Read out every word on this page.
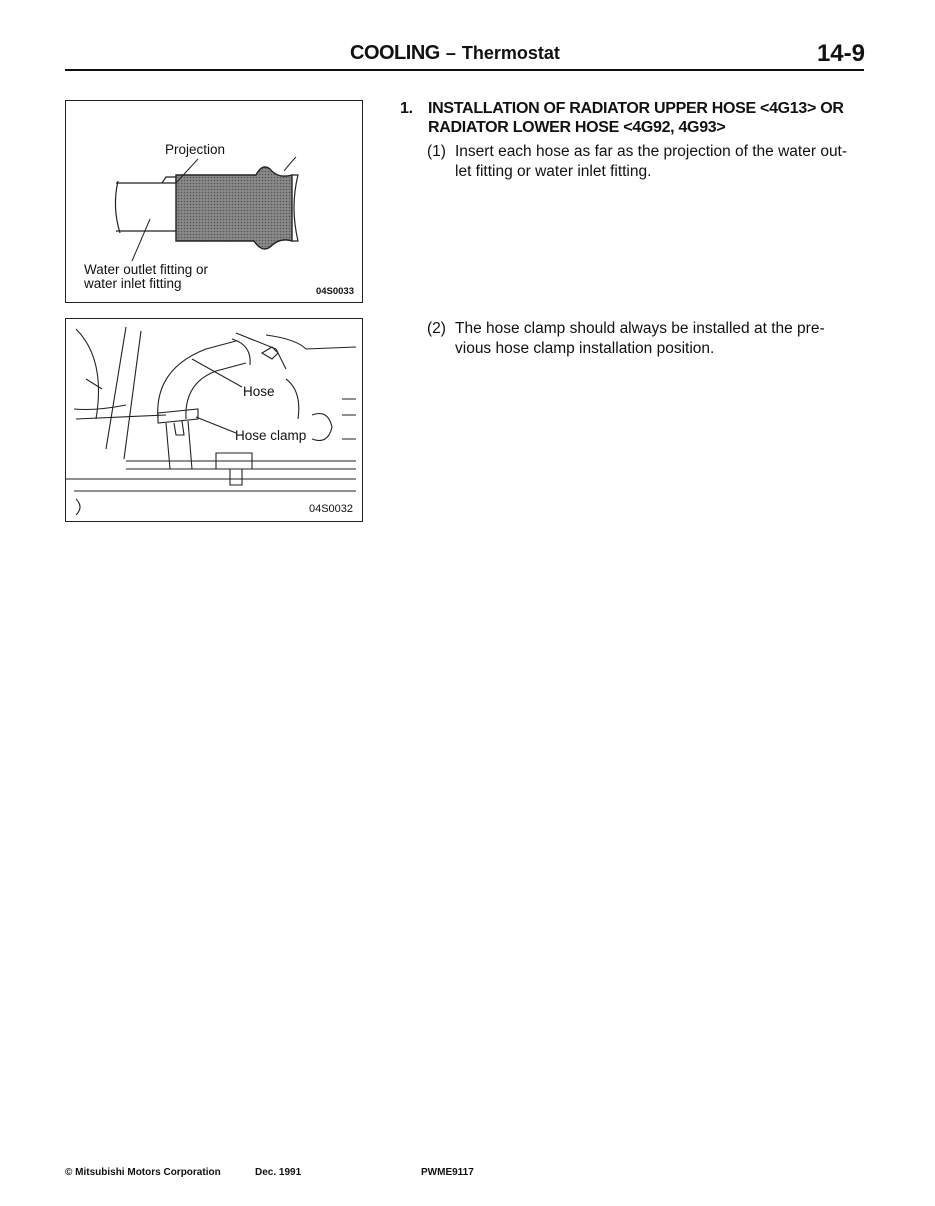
COOLING – Thermostat	14-9
Projection
Water outlet fitting or
water inlet fitting
04S0033
Hose
Hose clamp
04S0032
1. INSTALLATION OF RADIATOR UPPER HOSE <4G13> OR
RADIATOR LOWER HOSE <4G92, 4G93>
(1) Insert each hose as far as the projection of the water out-
let fitting or water inlet fitting.
(2) The hose clamp should always be installed at the pre-
vious hose clamp installation position.
© Mitsubishi Motors Corporation	Dec. 1991	PWME9117
